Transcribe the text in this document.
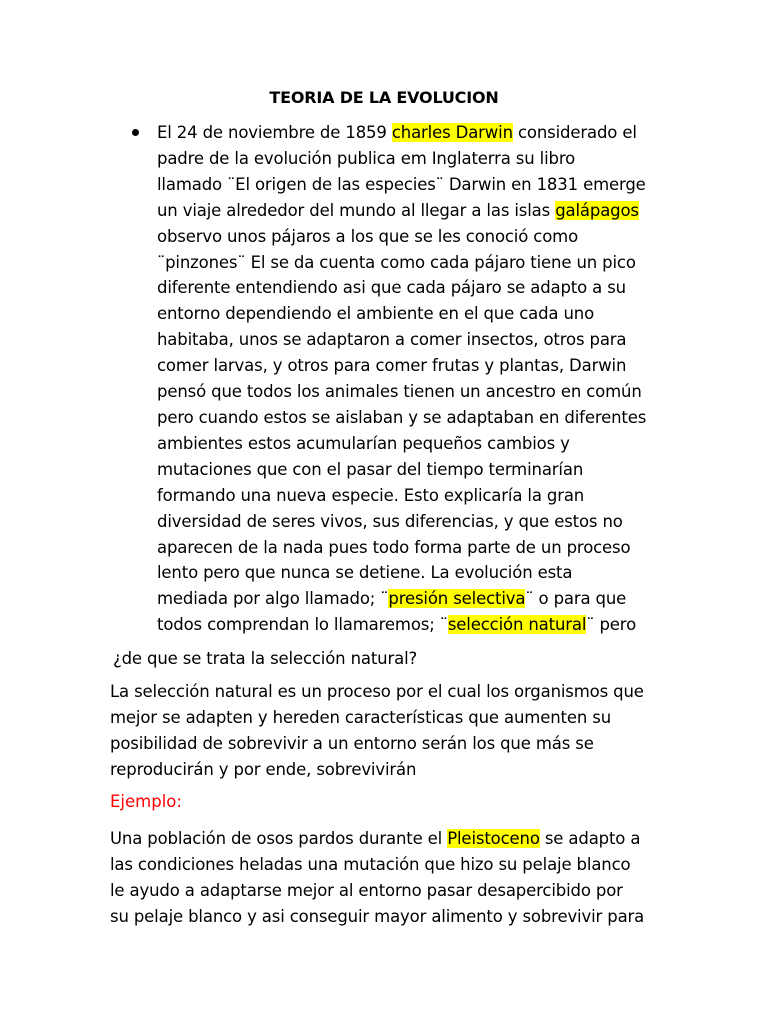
TEORIA DE LA EVOLUCION
El 24 de noviembre de 1859 charles Darwin considerado el
padre de la evolución publica em Inglaterra su libro
llamado ¨El origen de las especies¨ Darwin en 1831 emerge
un viaje alrededor del mundo al llegar a las islas galápagos
observo unos pájaros a los que se les conoció como
¨pinzones¨ El se da cuenta como cada pájaro tiene un pico
diferente entendiendo asi que cada pájaro se adapto a su
entorno dependiendo el ambiente en el que cada uno
habitaba, unos se adaptaron a comer insectos, otros para
comer larvas, y otros para comer frutas y plantas, Darwin
pensó que todos los animales tienen un ancestro en común
pero cuando estos se aislaban y se adaptaban en diferentes
ambientes estos acumularían pequeños cambios y
mutaciones que con el pasar del tiempo terminarían
formando una nueva especie. Esto explicaría la gran
diversidad de seres vivos, sus diferencias, y que estos no
aparecen de la nada pues todo forma parte de un proceso
lento pero que nunca se detiene. La evolución esta
mediada por algo llamado; ¨presión selectiva¨ o para que
todos comprendan lo llamaremos; ¨selección natural¨ pero
¿de que se trata la selección natural?
La selección natural es un proceso por el cual los organismos que
mejor se adapten y hereden características que aumenten su
posibilidad de sobrevivir a un entorno serán los que más se
reproducirán y por ende, sobrevivirán
Ejemplo:
Una población de osos pardos durante el Pleistoceno se adapto a
las condiciones heladas una mutación que hizo su pelaje blanco
le ayudo a adaptarse mejor al entorno pasar desapercibido por
su pelaje blanco y asi conseguir mayor alimento y sobrevivir para
